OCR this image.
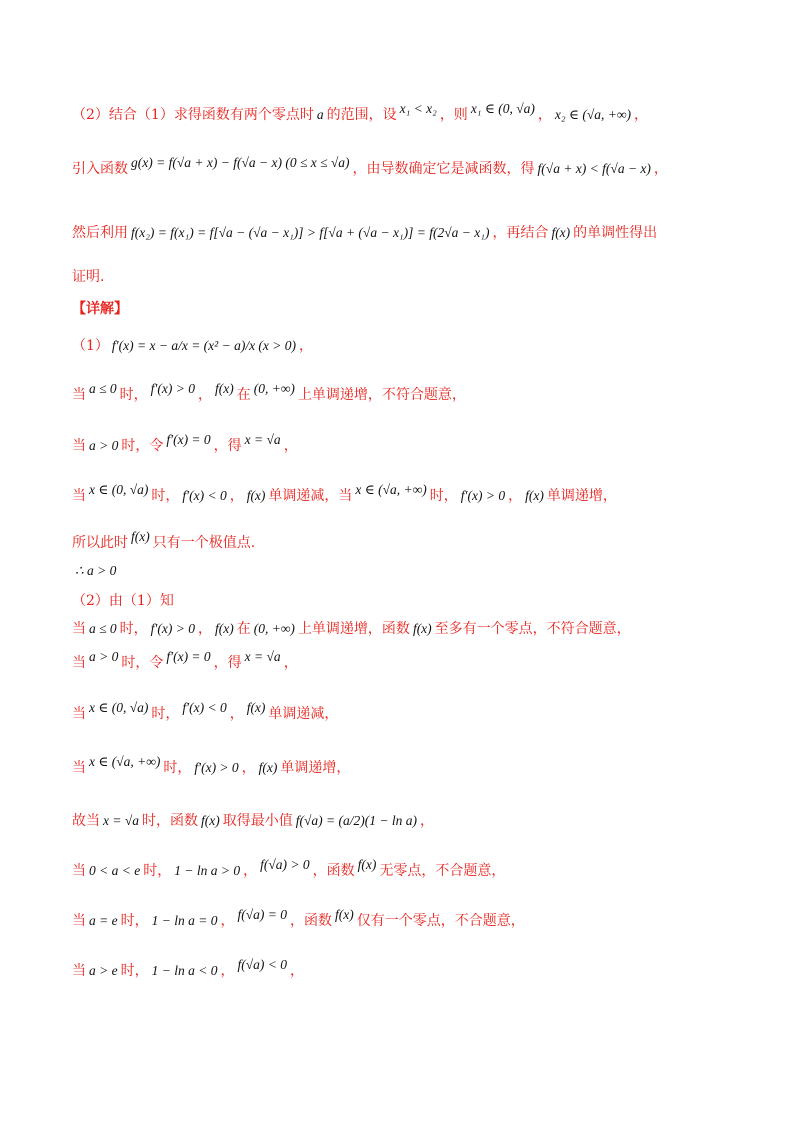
（2）结合（1）求得函数有两个零点时 a 的范围，设 x₁ < x₂ ，则 x₁ ∈ (0, √a) ， x₂ ∈ (√a, +∞) ，
引入函数 g(x) = f(√a + x) − f(√a − x) (0 ≤ x ≤ √a) ，由导数确定它是减函数，得 f(√a + x) < f(√a − x) ，
然后利用 f(x₂) = f(x₁) = f[√a − (√a − x₁)] > f[√a + (√a − x₁)] = f(2√a − x₁) ，再结合 f(x) 的单调性得出
证明.
【详解】
（1） f′(x) = x − a/x = (x² − a)/x (x > 0) ，
当 a ≤ 0 时， f′(x) > 0 ， f(x) 在 (0, +∞) 上单调递增，不符合题意，
当 a > 0 时，令 f′(x) = 0 ，得 x = √a ，
当 x ∈ (0, √a) 时， f′(x) < 0 ， f(x) 单调递减，当 x ∈ (√a, +∞) 时， f′(x) > 0 ， f(x) 单调递增，
所以此时 f(x) 只有一个极值点.
∴ a > 0
（2）由（1）知
当 a ≤ 0 时， f′(x) > 0 ， f(x) 在 (0, +∞) 上单调递增，函数 f(x) 至多有一个零点，不符合题意，
当 a > 0 时，令 f′(x) = 0 ，得 x = √a ，
当 x ∈ (0, √a) 时， f′(x) < 0 ， f(x) 单调递减，
当 x ∈ (√a, +∞) 时， f′(x) > 0 ， f(x) 单调递增，
故当 x = √a 时，函数 f(x) 取得最小值 f(√a) = (a/2)(1 − ln a) ，
当 0 < a < e 时， 1 − ln a > 0 ， f(√a) > 0 ，函数 f(x) 无零点，不合题意，
当 a = e 时， 1 − ln a = 0 ， f(√a) = 0 ，函数 f(x) 仅有一个零点，不合题意，
当 a > e 时， 1 − ln a < 0 ， f(√a) < 0 ，
